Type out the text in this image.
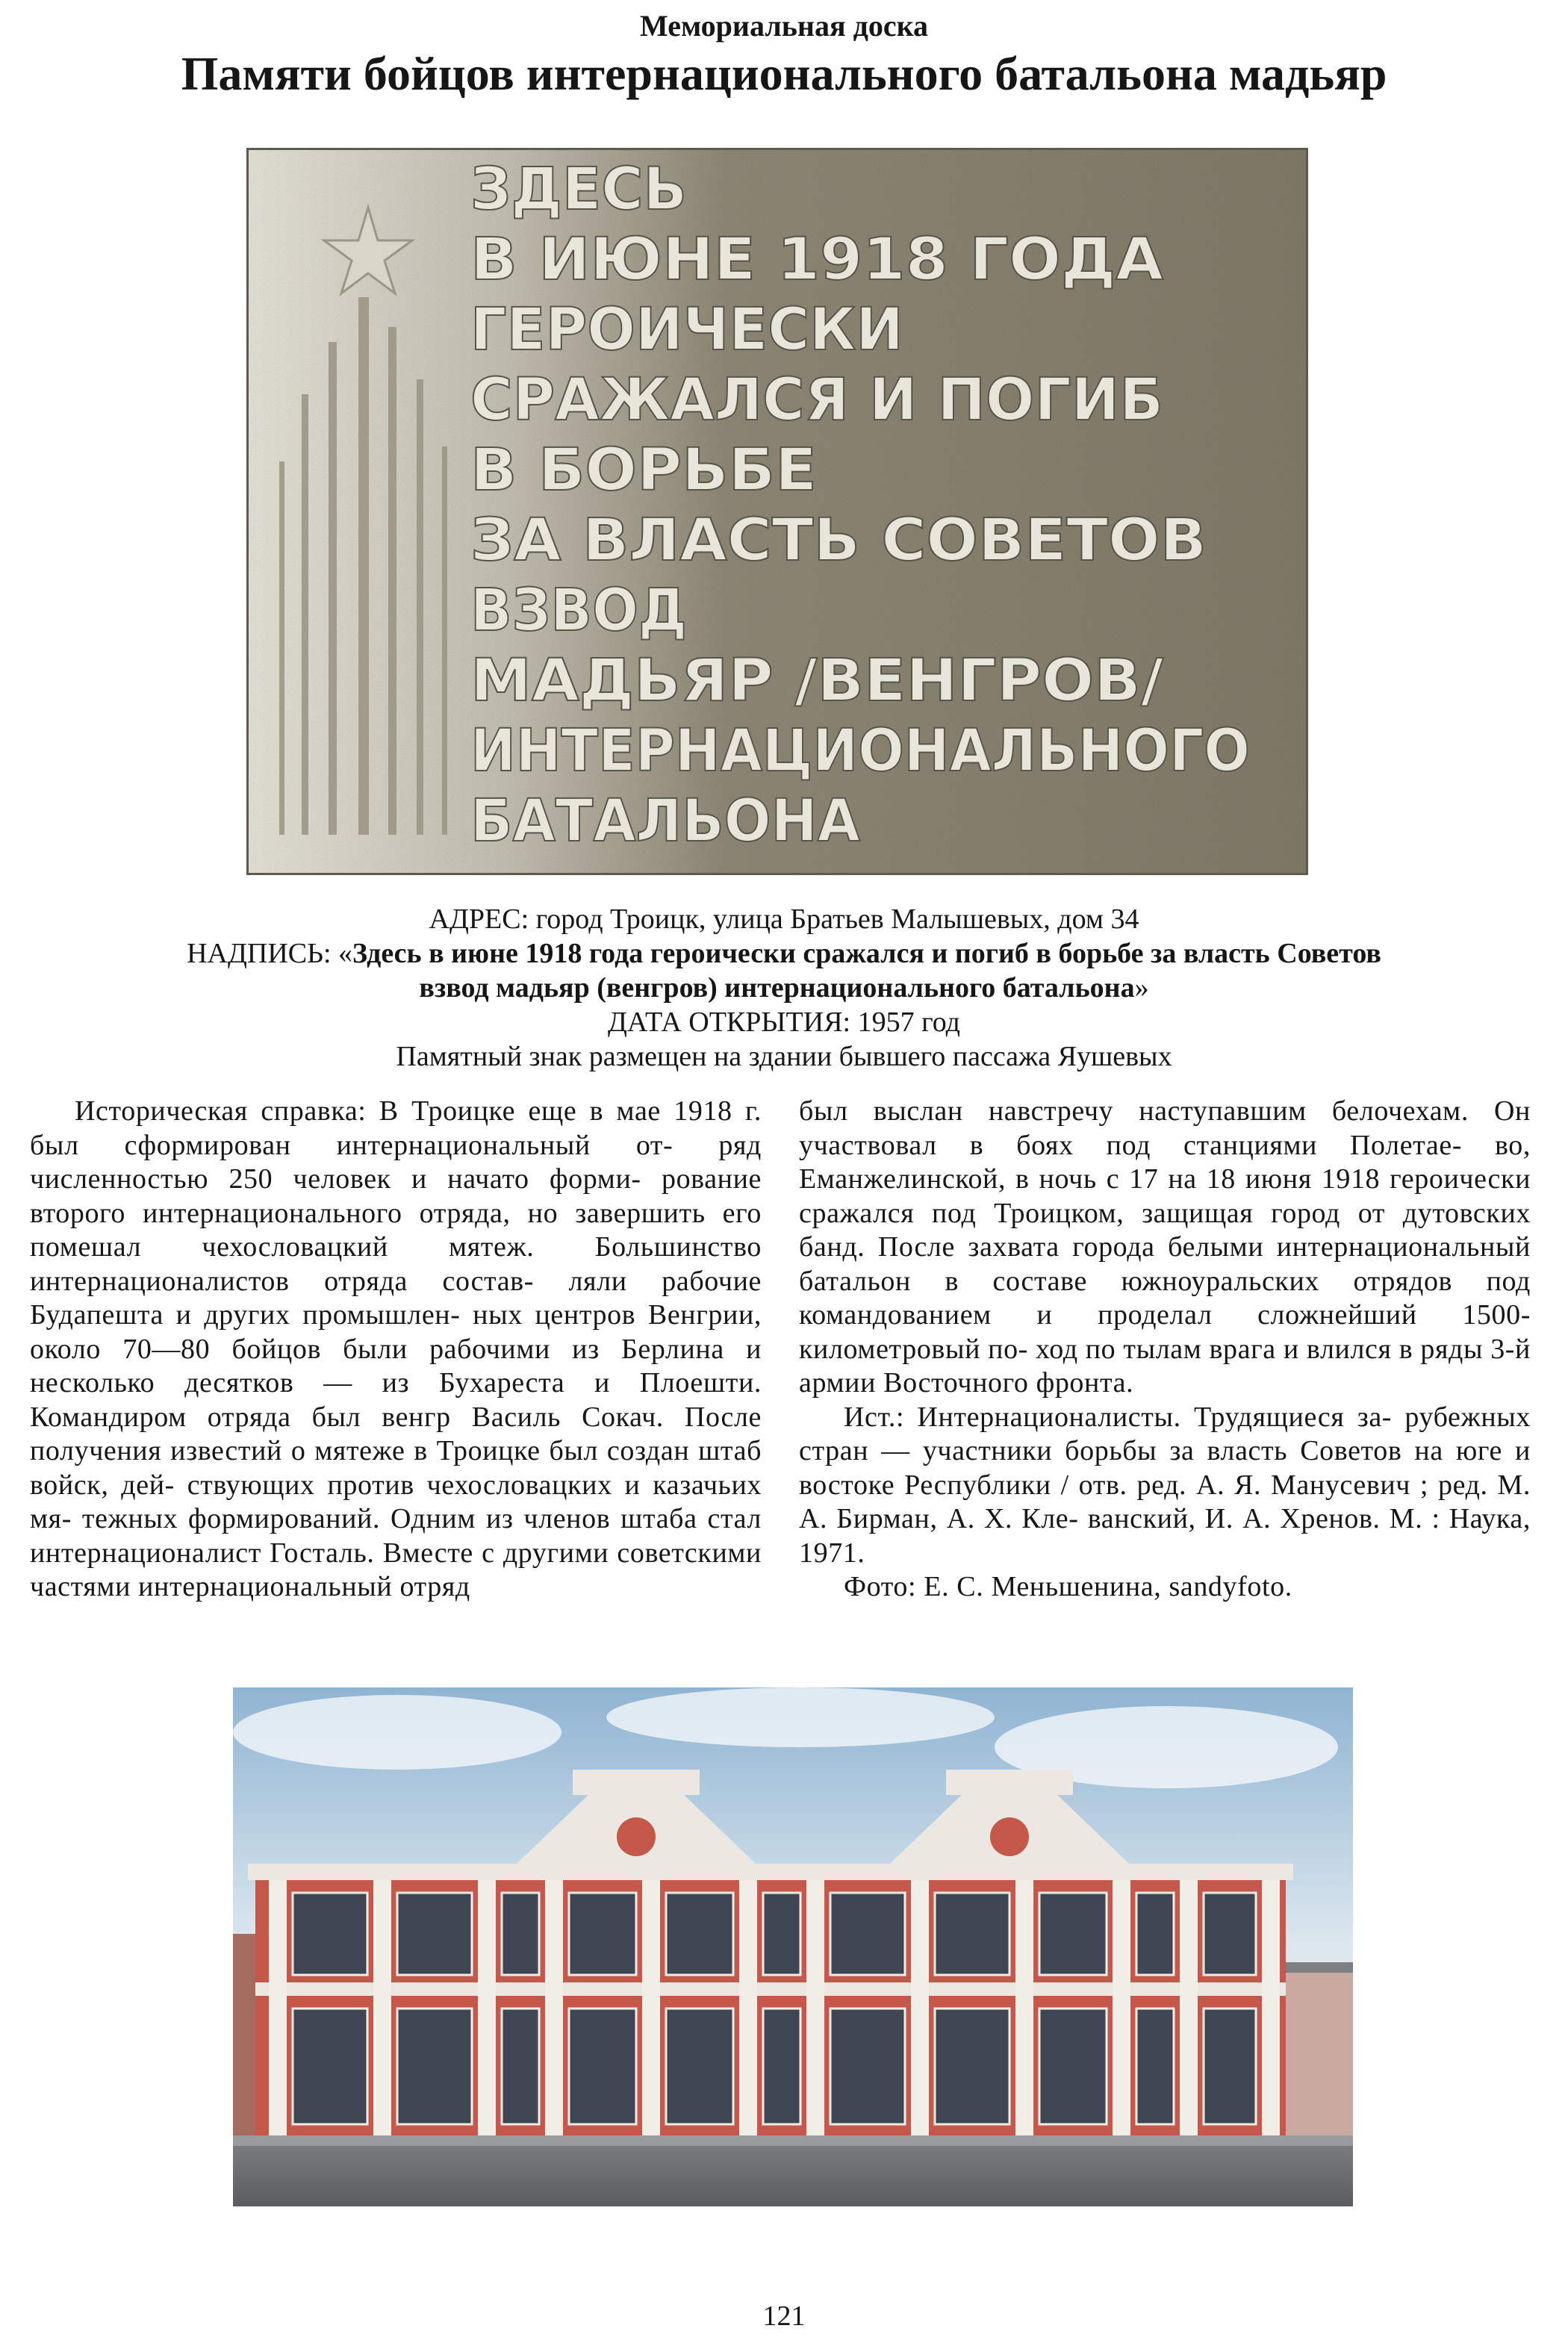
Мемориальная доска
Памяти бойцов интернационального батальона мадьяр
ЗДЕСЬ
В ИЮНЕ 1918 ГОДА
ГЕРОИЧЕСКИ
СРАЖАЛСЯ И ПОГИБ
В БОРЬБЕ
ЗА ВЛАСТЬ СОВЕТОВ
ВЗВОД
МАДЬЯР /ВЕНГРОВ/
ИНТЕРНАЦИОНАЛЬНОГО
БАТАЛЬОНА

АДРЕС: город Троицк, улица Братьев Малышевых, дом 34

НАДПИСЬ: «Здесь в июне 1918 года героически сражался и погиб в борьбе за власть Советов

взвод мадьяр (венгров) интернационального батальона»

ДАТА ОТКРЫТИЯ: 1957 год

Памятный знак размещен на здании бывшего пассажа Яушевых

Историческая справка: В Троицке еще в мае 1918 г. был сформирован интернациональный от- ряд численностью 250 человек и начато форми- рование второго интернационального отряда, но завершить его помешал чехословацкий мятеж. Большинство интернационалистов отряда состав- ляли рабочие Будапешта и других промышлен- ных центров Венгрии, около 70—80 бойцов были рабочими из Берлина и несколько десятков — из Бухареста и Плоешти. Командиром отряда был венгр Василь Сокач. После получения известий о мятеже в Троицке был создан штаб войск, дей- ствующих против чехословацких и казачьих мя- тежных формирований. Одним из членов штаба стал интернационалист Госталь. Вместе с другими советскими частями интернациональный отряд

был выслан навстречу наступавшим белочехам. Он участвовал в боях под станциями Полетае- во, Еманжелинской, в ночь с 17 на 18 июня 1918 героически сражался под Троицком, защищая город от дутовских банд. После захвата города белыми интернациональный батальон в составе южноуральских отрядов под командованием и проделал сложнейший 1500-километровый по- ход по тылам врага и влился в ряды 3-й армии Восточного фронта.

Ист.: Интернационалисты. Трудящиеся за- рубежных стран — участники борьбы за власть Советов на юге и востоке Республики / отв. ред. А. Я. Манусевич ; ред. М. А. Бирман, А. Х. Кле- ванский, И. А. Хренов. М. : Наука, 1971.

Фото: Е. С. Меньшенина, sandyfoto.

121
